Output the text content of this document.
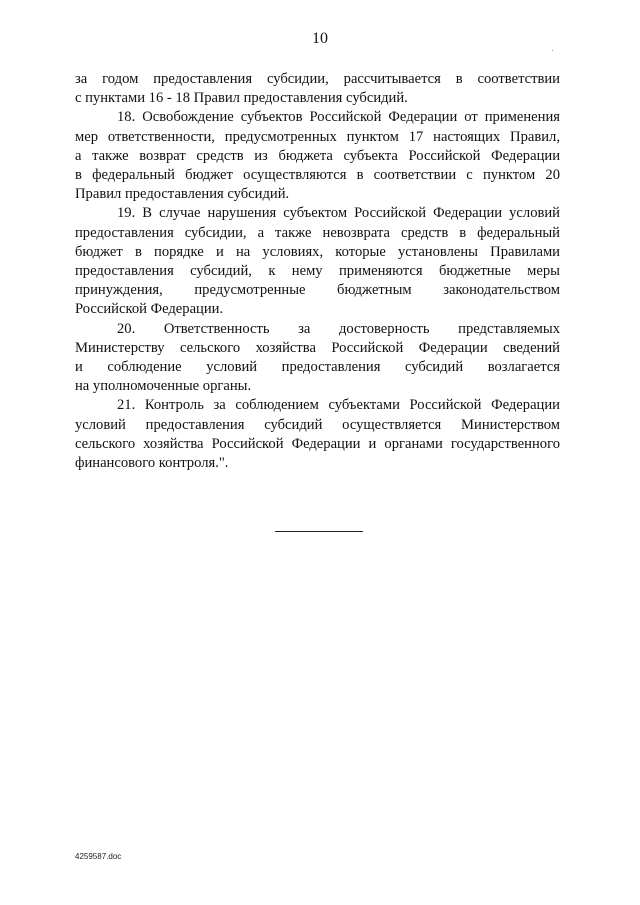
10

за годом предоставления субсидии, рассчитывается в соответствии
с пунктами 16 - 18 Правил предоставления субсидий.

18. Освобождение субъектов Российской Федерации от применения
мер ответственности, предусмотренных пунктом 17 настоящих Правил,
а также возврат средств из бюджета субъекта Российской Федерации
в федеральный бюджет осуществляются в соответствии с пунктом 20
Правил предоставления субсидий.

19. В случае нарушения субъектом Российской Федерации условий
предоставления субсидии, а также невозврата средств в федеральный
бюджет в порядке и на условиях, которые установлены Правилами
предоставления субсидий, к нему применяются бюджетные меры
принуждения, предусмотренные бюджетным законодательством
Российской Федерации.

20. Ответственность за достоверность представляемых
Министерству сельского хозяйства Российской Федерации сведений
и соблюдение условий предоставления субсидий возлагается
на уполномоченные органы.

21. Контроль за соблюдением субъектами Российской Федерации
условий предоставления субсидий осуществляется Министерством
сельского хозяйства Российской Федерации и органами государственного
финансового контроля.".

4259587.doc
